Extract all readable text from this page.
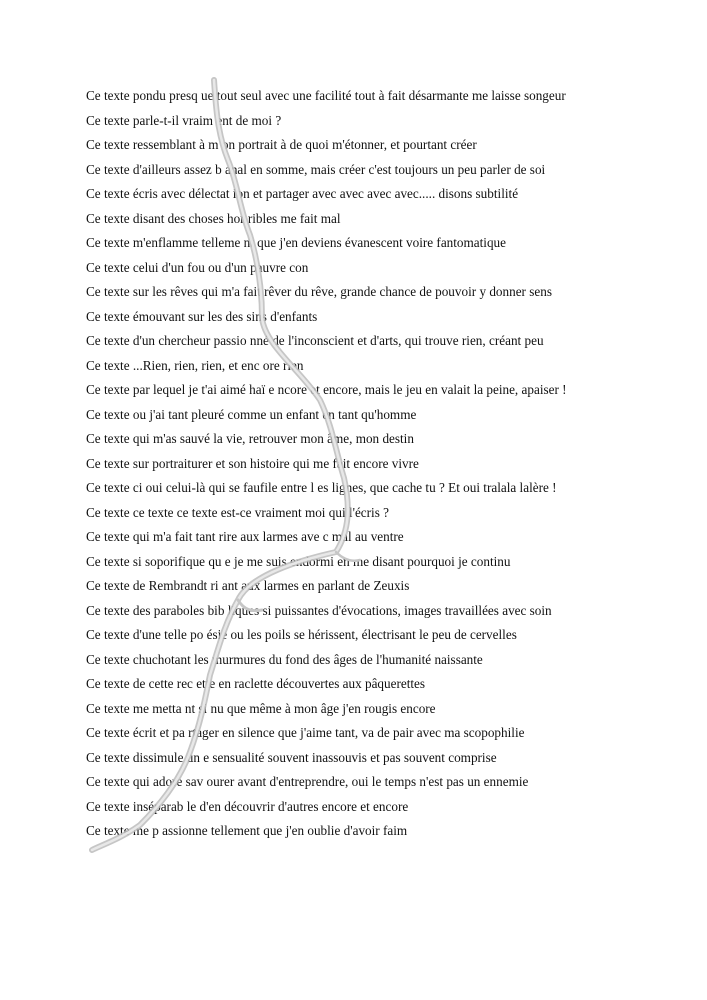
Ce texte pondu presq ue tout seul avec une facilité tout à fait désarmante me laisse songeur

Ce texte parle-t-il vraim ent de moi ?

Ce texte ressemblant à m on portrait à de quoi m'étonner, et pourtant créer

Ce texte d'ailleurs assez b anal en somme, mais créer c'est toujours un peu parler de soi

Ce texte écris avec délectat ion et partager avec avec avec avec..... disons subtilité

Ce texte disant des choses hor ribles me fait mal

Ce texte m'enflamme telleme nt que j'en deviens évanescent voire fantomatique

Ce texte celui d'un fou ou d'un pauvre con

Ce texte sur les rêves qui m'a fait rêver du rêve, grande chance de pouvoir y donner sens

Ce texte émouvant sur les des sins d'enfants

Ce texte d'un chercheur passio nné de l'inconscient et d'arts, qui trouve rien, créant peu

Ce texte ...Rien, rien, rien, et enc ore rien

Ce texte par lequel je t'ai aimé haï e ncore et encore, mais le jeu en valait la peine, apaiser !

Ce texte ou j'ai tant pleuré comme un enfant en tant qu'homme

Ce texte qui m'as sauvé la vie, retrouver mon âme, mon destin

Ce texte sur portraiturer et son histoire qui me fait encore vivre

Ce texte ci oui celui-là qui se faufile entre l es lignes, que cache tu ? Et oui tralala lalère !

Ce texte ce texte ce texte est-ce vraiment moi qui l'écris ?

Ce texte qui m'a fait tant rire aux larmes ave c mal au ventre

Ce texte si soporifique qu e je me suis endormi en me disant pourquoi je continu

Ce texte de Rembrandt ri ant aux larmes en parlant de Zeuxis

Ce texte des paraboles bib liques si puissantes d'évocations, images travaillées avec soin

Ce texte d'une telle po ésie ou les poils se hérissent, électrisant le peu de cervelles

Ce texte chuchotant les murmures du fond des âges de l'humanité naissante

Ce texte de cette rec ette en raclette découvertes aux pâquerettes

Ce texte me metta nt si nu que même à mon âge j'en rougis encore

Ce texte écrit et pa rtager en silence que j'aime tant, va de pair avec ma scopophilie

Ce texte dissimule un e sensualité souvent inassouvis et pas souvent comprise

Ce texte qui adore sav ourer avant d'entreprendre, oui le temps n'est pas un ennemie

Ce texte inséparab le d'en découvrir d'autres encore et encore

Ce texte me p assionne tellement que j'en oublie d'avoir faim
